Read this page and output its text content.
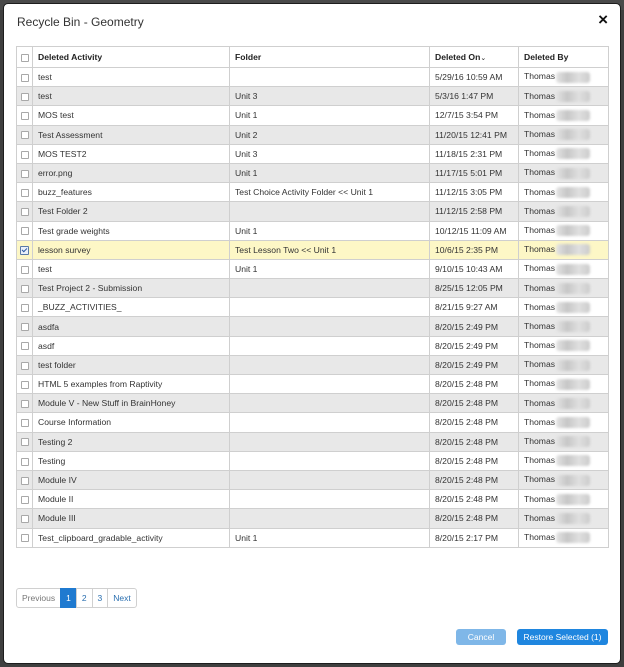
Recycle Bin - Geometry	×
	Deleted Activity	Folder	Deleted On⌄	Deleted By
	test		5/29/16 10:59 AM	Thomas
	test	Unit 3	5/3/16 1:47 PM	Thomas
	MOS test	Unit 1	12/7/15 3:54 PM	Thomas
	Test Assessment	Unit 2	11/20/15 12:41 PM	Thomas
	MOS TEST2	Unit 3	11/18/15 2:31 PM	Thomas
	error.png	Unit 1	11/17/15 5:01 PM	Thomas
	buzz_features	Test Choice Activity Folder << Unit 1	11/12/15 3:05 PM	Thomas
	Test Folder 2		11/12/15 2:58 PM	Thomas
	Test grade weights	Unit 1	10/12/15 11:09 AM	Thomas
	lesson survey	Test Lesson Two << Unit 1	10/6/15 2:35 PM	Thomas
	test	Unit 1	9/10/15 10:43 AM	Thomas
	Test Project 2 - Submission		8/25/15 12:05 PM	Thomas
	_BUZZ_ACTIVITIES_		8/21/15 9:27 AM	Thomas
	asdfa		8/20/15 2:49 PM	Thomas
	asdf		8/20/15 2:49 PM	Thomas
	test folder		8/20/15 2:49 PM	Thomas
	HTML 5 examples from Raptivity		8/20/15 2:48 PM	Thomas
	Module V - New Stuff in BrainHoney		8/20/15 2:48 PM	Thomas
	Course Information		8/20/15 2:48 PM	Thomas
	Testing 2		8/20/15 2:48 PM	Thomas
	Testing		8/20/15 2:48 PM	Thomas
	Module IV		8/20/15 2:48 PM	Thomas
	Module II		8/20/15 2:48 PM	Thomas
	Module III		8/20/15 2:48 PM	Thomas
	Test_clipboard_gradable_activity	Unit 1	8/20/15 2:17 PM	Thomas
Previous	1	2	3	Next
Cancel	Restore Selected (1)
